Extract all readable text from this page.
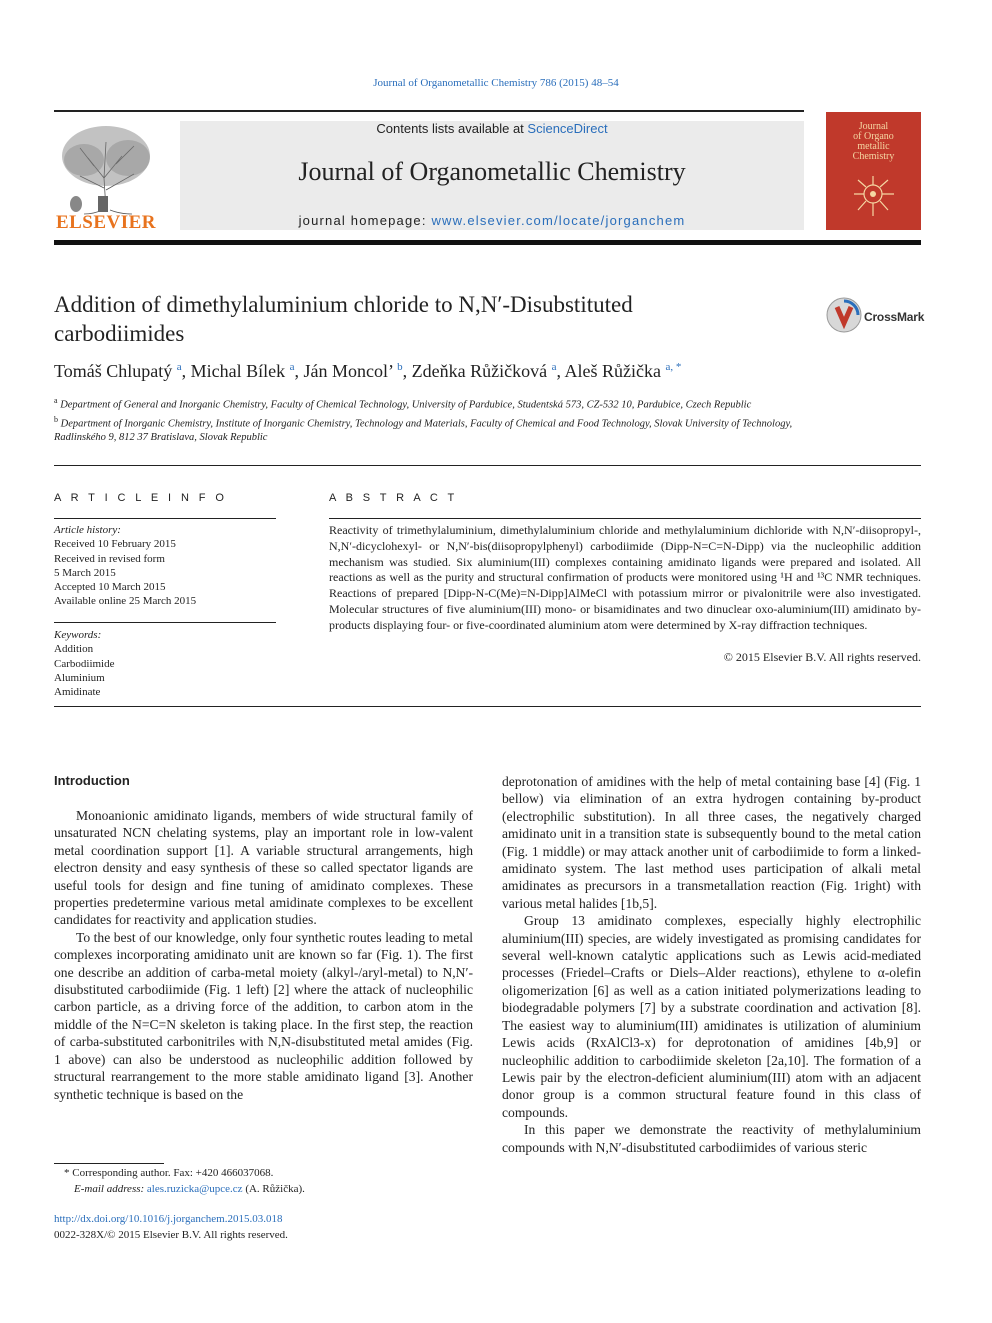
Journal of Organometallic Chemistry 786 (2015) 48–54
ELSEVIER
Contents lists available at ScienceDirect
Journal of Organometallic Chemistry
journal homepage: www.elsevier.com/locate/jorganchem
Journal
of Organo
metallic
Chemistry
Addition of dimethylaluminium chloride to N,N′-Disubstituted
carbodiimides
CrossMark
Tomáš Chlupatý $^a$, Michal Bílek $^a$, Ján Moncol’ $^b$, Zdeňka Růžičková $^a$, Aleš Růžička $^{a, *}$
$^a$ Department of General and Inorganic Chemistry, Faculty of Chemical Technology, University of Pardubice, Studentská 573, CZ-532 10, Pardubice, Czech Republic
$^b$ Department of Inorganic Chemistry, Institute of Inorganic Chemistry, Technology and Materials, Faculty of Chemical and Food Technology, Slovak University of Technology, Radlinského 9, 812 37 Bratislava, Slovak Republic
A R T I C L E I N F O	A B S T R A C T
Article history:
Received 10 February 2015
Received in revised form
5 March 2015
Accepted 10 March 2015
Available online 25 March 2015
Keywords:
Addition
Carbodiimide
Aluminium
Amidinate
Reactivity of trimethylaluminium, dimethylaluminium chloride and methylaluminium dichloride with N,N′-diisopropyl-, N,N′-dicyclohexyl- or N,N′-bis(diisopropylphenyl) carbodiimide (Dipp-N=C=N-Dipp) via the nucleophilic addition mechanism was studied. Six aluminium(III) complexes containing amidinato ligands were prepared and isolated. All reactions as well as the purity and structural confirmation of products were monitored using ¹H and ¹³C NMR techniques. Reactions of prepared [Dipp-N-C(Me)=N-Dipp]AlMeCl with potassium mirror or pivalonitrile were also investigated. Molecular structures of five aluminium(III) mono- or bisamidinates and two dinuclear oxo-aluminium(III) amidinato by-products displaying four- or five-coordinated aluminium atom were determined by X-ray diffraction techniques.
© 2015 Elsevier B.V. All rights reserved.
Introduction

Monoanionic amidinato ligands, members of wide structural family of unsaturated NCN chelating systems, play an important role in low-valent metal coordination support [1]. A variable structural arrangements, high electron density and easy synthesis of these so called spectator ligands are useful tools for design and fine tuning of amidinato complexes. These properties predetermine various metal amidinate complexes to be excellent candidates for reactivity and application studies.

To the best of our knowledge, only four synthetic routes leading to metal complexes incorporating amidinato unit are known so far (Fig. 1). The first one describe an addition of carba-metal moiety (alkyl-/aryl-metal) to N,N′-disubstituted carbodiimide (Fig. 1 left) [2] where the attack of nucleophilic carbon particle, as a driving force of the addition, to carbon atom in the middle of the N=C=N skeleton is taking place. In the first step, the reaction of carba-substituted carbonitriles with N,N-disubstituted metal amides (Fig. 1 above) can also be understood as nucleophilic addition followed by structural rearrangement to the more stable amidinato ligand [3]. Another synthetic technique is based on the

deprotonation of amidines with the help of metal containing base [4] (Fig. 1 bellow) via elimination of an extra hydrogen containing by-product (electrophilic substitution). In all three cases, the negatively charged amidinato unit in a transition state is subsequently bound to the metal cation (Fig. 1 middle) or may attack another unit of carbodiimide to form a linked-amidinato system. The last method uses participation of alkali metal amidinates as precursors in a transmetallation reaction (Fig. 1right) with various metal halides [1b,5].

Group 13 amidinato complexes, especially highly electrophilic aluminium(III) species, are widely investigated as promising candidates for several well-known catalytic applications such as Lewis acid-mediated processes (Friedel–Crafts or Diels–Alder reactions), ethylene to α-olefin oligomerization [6] as well as a cation initiated polymerizations leading to biodegradable polymers [7] by a substrate coordination and activation [8]. The easiest way to aluminium(III) amidinates is utilization of aluminium Lewis acids (RxAlCl3-x) for deprotonation of amidines [4b,9] or nucleophilic addition to carbodiimide skeleton [2a,10]. The formation of a Lewis pair by the electron-deficient aluminium(III) atom with an adjacent donor group is a common structural feature found in this class of compounds.

In this paper we demonstrate the reactivity of methylaluminium compounds with N,N′-disubstituted carbodiimides of various steric

* Corresponding author. Fax: +420 466037068.
E-mail address: ales.ruzicka@upce.cz (A. Růžička).
http://dx.doi.org/10.1016/j.jorganchem.2015.03.018
0022-328X/© 2015 Elsevier B.V. All rights reserved.
